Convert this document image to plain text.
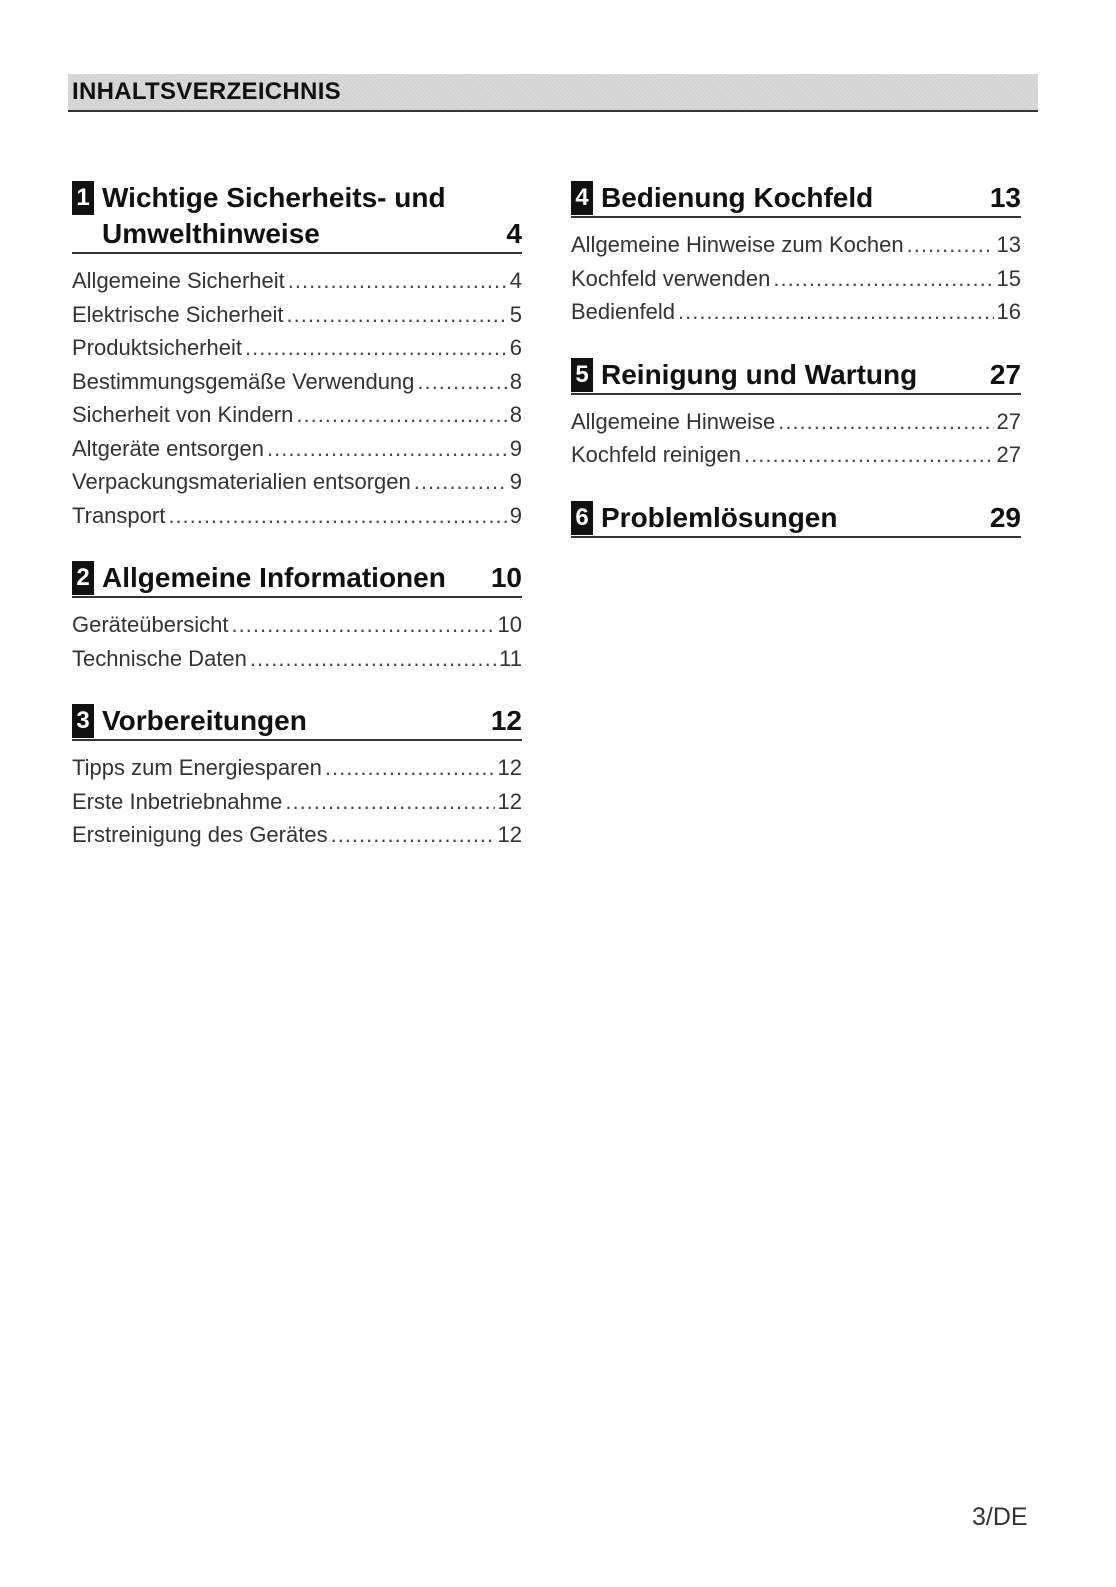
INHALTSVERZEICHNIS
1 Wichtige Sicherheits- und
Umwelthinweise	4
Allgemeine Sicherheit .....	4
Elektrische Sicherheit .....	5
Produktsicherheit .....	6
Bestimmungsgemäße Verwendung .....	8
Sicherheit von Kindern .....	8
Altgeräte entsorgen .....	9
Verpackungsmaterialien entsorgen .....	9
Transport .....	9
2 Allgemeine Informationen	10
Geräteübersicht .....	10
Technische Daten .....	11
3 Vorbereitungen	12
Tipps zum Energiesparen .....	12
Erste Inbetriebnahme .....	12
Erstreinigung des Gerätes .....	12
4 Bedienung Kochfeld	13
Allgemeine Hinweise zum Kochen .....	13
Kochfeld verwenden .....	15
Bedienfeld .....	16
5 Reinigung und Wartung	27
Allgemeine Hinweise .....	27
Kochfeld reinigen .....	27
6 Problemlösungen	29
3/DE
